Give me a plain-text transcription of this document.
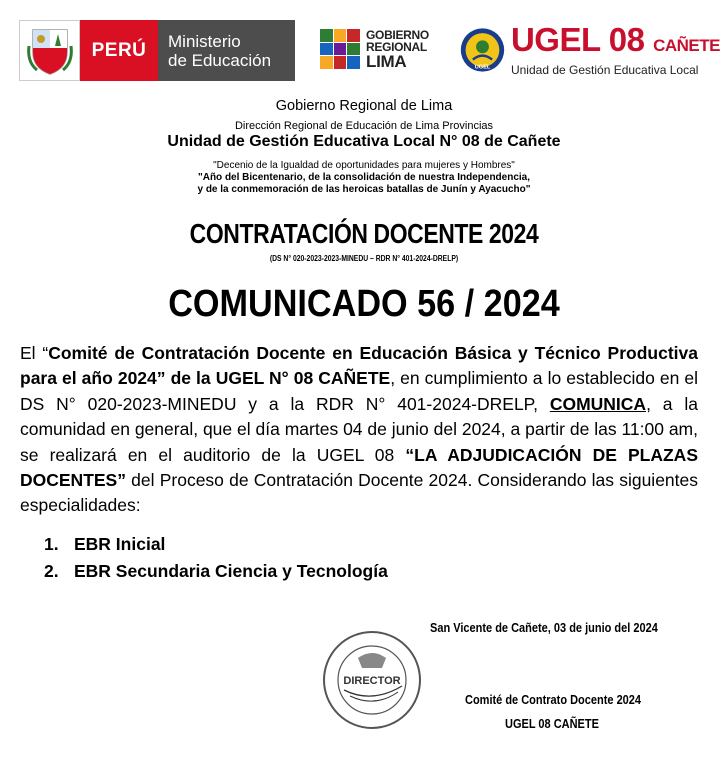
PERÚ	Ministerio
de Educación
GOBIERNO
REGIONAL
LIMA	UGEL
UGEL 08 CAÑETE
Unidad de Gestión Educativa Local
Gobierno Regional de Lima
Dirección Regional de Educación de Lima Provincias
Unidad de Gestión Educativa Local N° 08 de Cañete
"Decenio de la Igualdad de oportunidades para mujeres y Hombres"
"Año del Bicentenario, de la consolidación de nuestra Independencia,
y de la conmemoración de las heroicas batallas de Junín y Ayacucho"
CONTRATACIÓN DOCENTE 2024
(DS N° 020-2023-2023-MINEDU – RDR N° 401-2024-DRELP)
COMUNICADO 56 / 2024
El “Comité de Contratación Docente en Educación Básica y Técnico Productiva para el año 2024” de la UGEL N° 08 CAÑETE, en cumplimiento a lo establecido en el DS N° 020-2023-MINEDU y a la RDR N° 401-2024-DRELP, COMUNICA, a la comunidad en general, que el día martes 04 de junio del 2024, a partir de las 11:00 am, se realizará en el auditorio de la UGEL 08 “LA ADJUDICACIÓN DE PLAZAS DOCENTES” del Proceso de Contratación Docente 2024. Considerando las siguientes especialidades:
1. EBR Inicial
2. EBR Secundaria Ciencia y Tecnología
DIRECTOR
San Vicente de Cañete, 03 de junio del 2024
Comité de Contrato Docente 2024
UGEL 08 CAÑETE
